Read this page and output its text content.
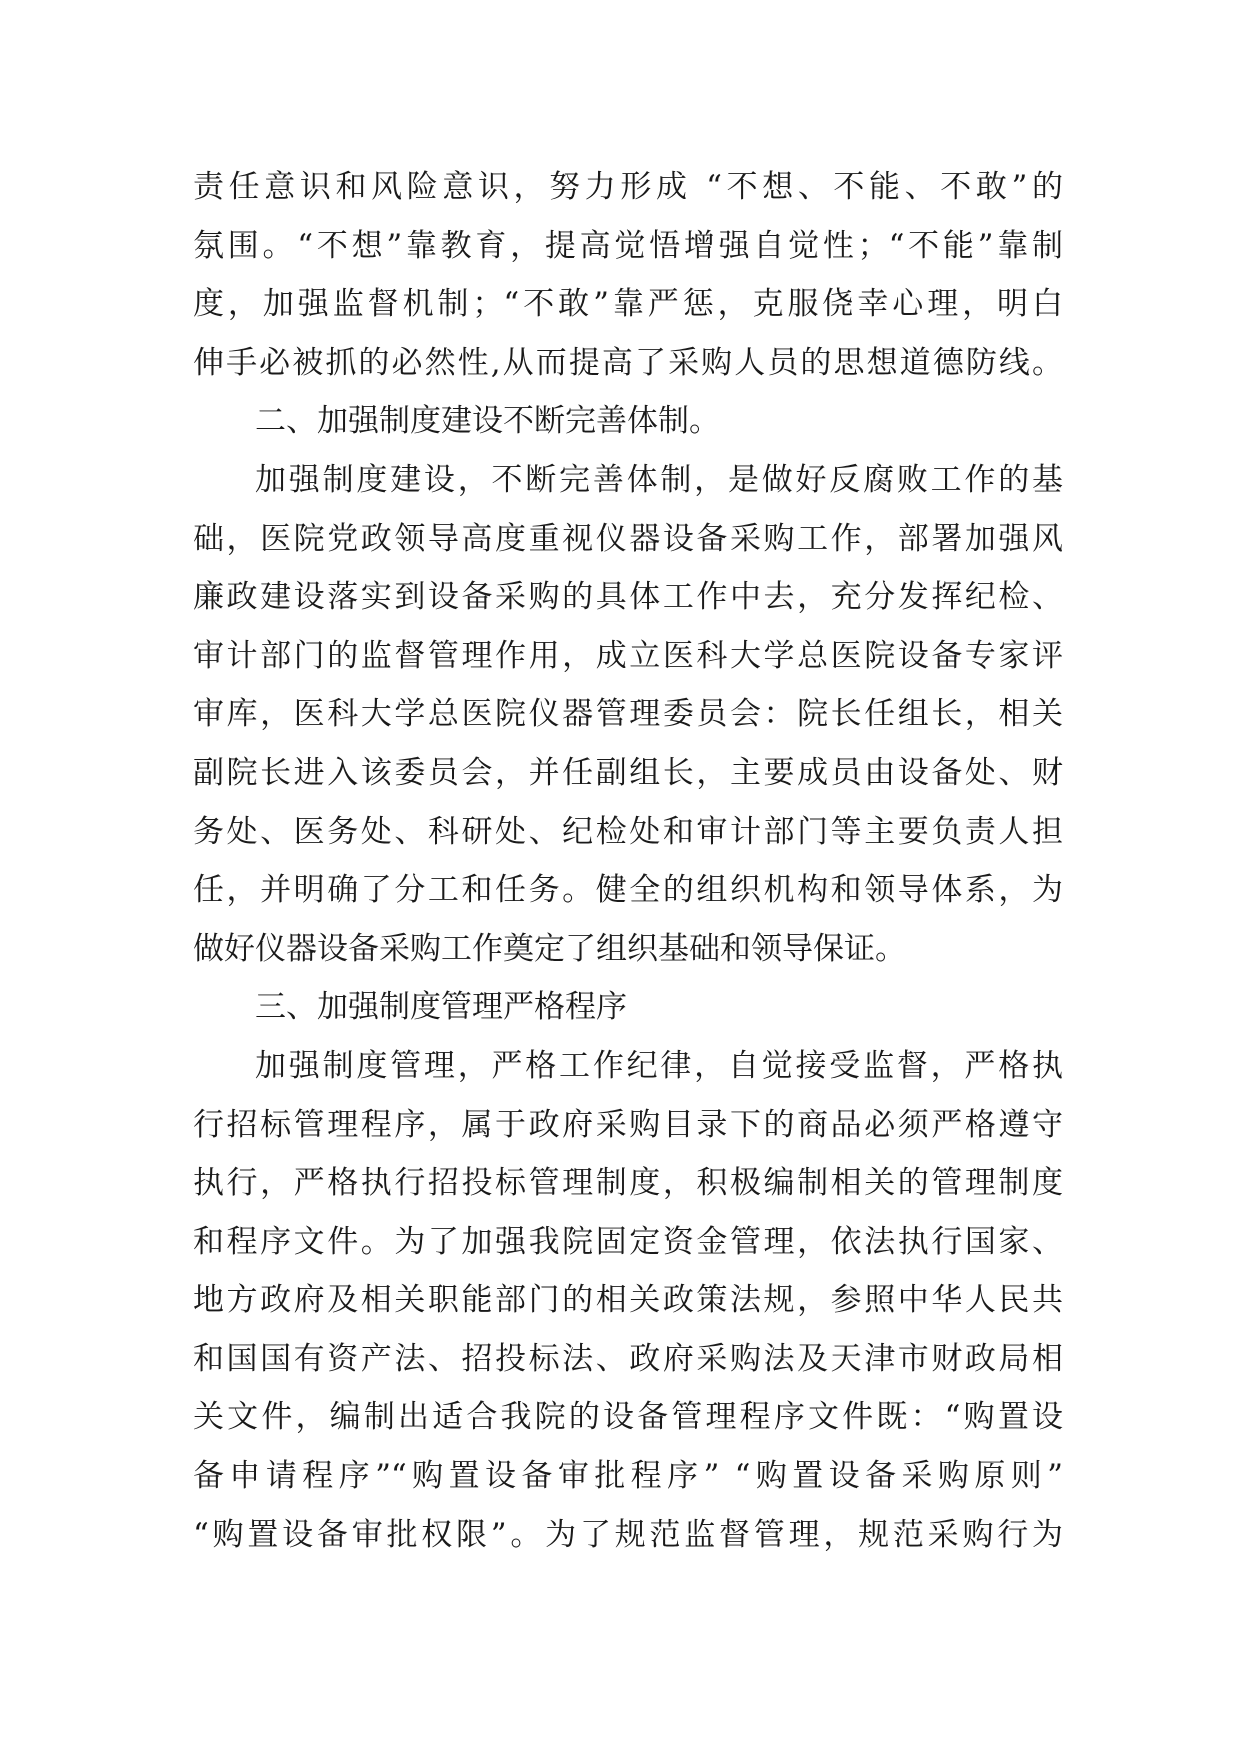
责任意识和风险意识，努力形成 “不想、不能、不敢”的
氛围。“不想”靠教育，提高觉悟增强自觉性；“不能”靠制
度，加强监督机制；“不敢”靠严惩，克服侥幸心理，明白
伸手必被抓的必然性,从而提高了采购人员的思想道德防线。
二、加强制度建设不断完善体制。
加强制度建设，不断完善体制，是做好反腐败工作的基
础，医院党政领导高度重视仪器设备采购工作，部署加强风
廉政建设落实到设备采购的具体工作中去，充分发挥纪检、
审计部门的监督管理作用，成立医科大学总医院设备专家评
审库，医科大学总医院仪器管理委员会：院长任组长，相关
副院长进入该委员会，并任副组长，主要成员由设备处、财
务处、医务处、科研处、纪检处和审计部门等主要负责人担
任，并明确了分工和任务。健全的组织机构和领导体系，为
做好仪器设备采购工作奠定了组织基础和领导保证。
三、加强制度管理严格程序
加强制度管理，严格工作纪律，自觉接受监督，严格执
行招标管理程序，属于政府采购目录下的商品必须严格遵守
执行，严格执行招投标管理制度，积极编制相关的管理制度
和程序文件。为了加强我院固定资金管理，依法执行国家、
地方政府及相关职能部门的相关政策法规，参照中华人民共
和国国有资产法、招投标法、政府采购法及天津市财政局相
关文件，编制出适合我院的设备管理程序文件既：“购置设
备申请程序”“购置设备审批程序” “购置设备采购原则”
“购置设备审批权限”。为了规范监督管理，规范采购行为
